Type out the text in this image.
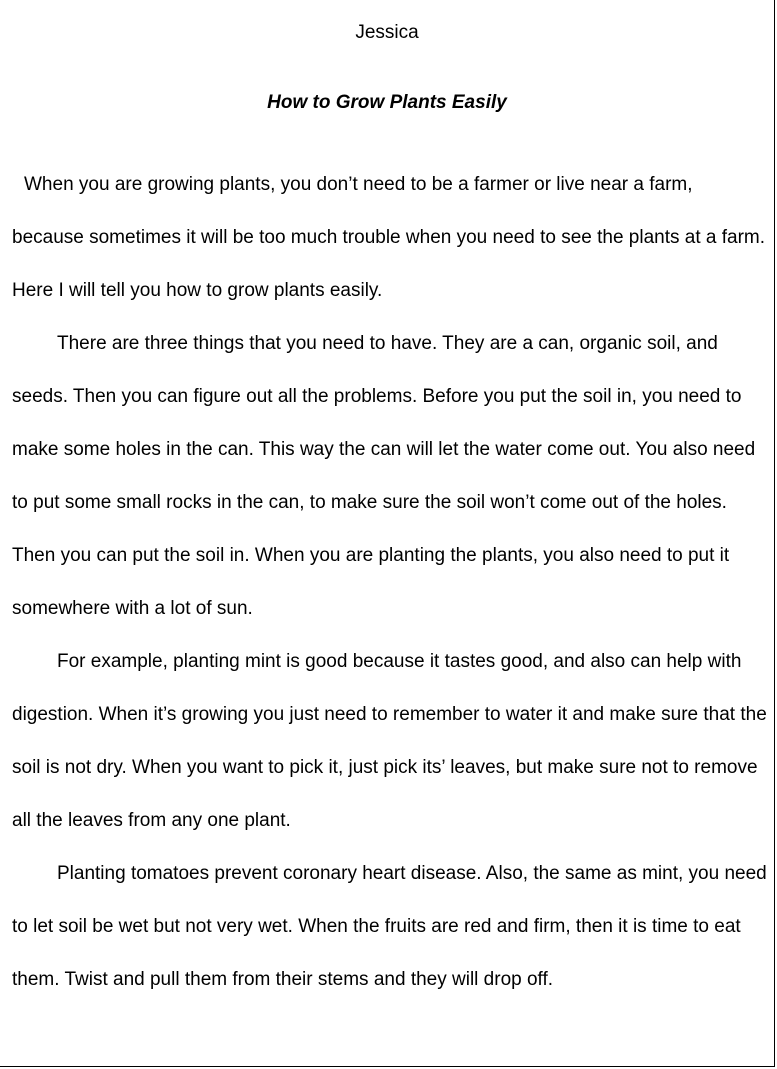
Jessica
How to Grow Plants Easily

When you are growing plants, you don’t need to be a farmer or live near a farm, because sometimes it will be too much trouble when you need to see the plants at a farm. Here I will tell you how to grow plants easily.

There are three things that you need to have. They are a can, organic soil, and seeds. Then you can figure out all the problems. Before you put the soil in, you need to make some holes in the can. This way the can will let the water come out. You also need to put some small rocks in the can, to make sure the soil won’t come out of the holes. Then you can put the soil in. When you are planting the plants, you also need to put it somewhere with a lot of sun.

For example, planting mint is good because it tastes good, and also can help with digestion. When it’s growing you just need to remember to water it and make sure that the soil is not dry. When you want to pick it, just pick its’ leaves, but make sure not to remove all the leaves from any one plant.

Planting tomatoes prevent coronary heart disease. Also, the same as mint, you need to let soil be wet but not very wet. When the fruits are red and firm, then it is time to eat them. Twist and pull them from their stems and they will drop off.
